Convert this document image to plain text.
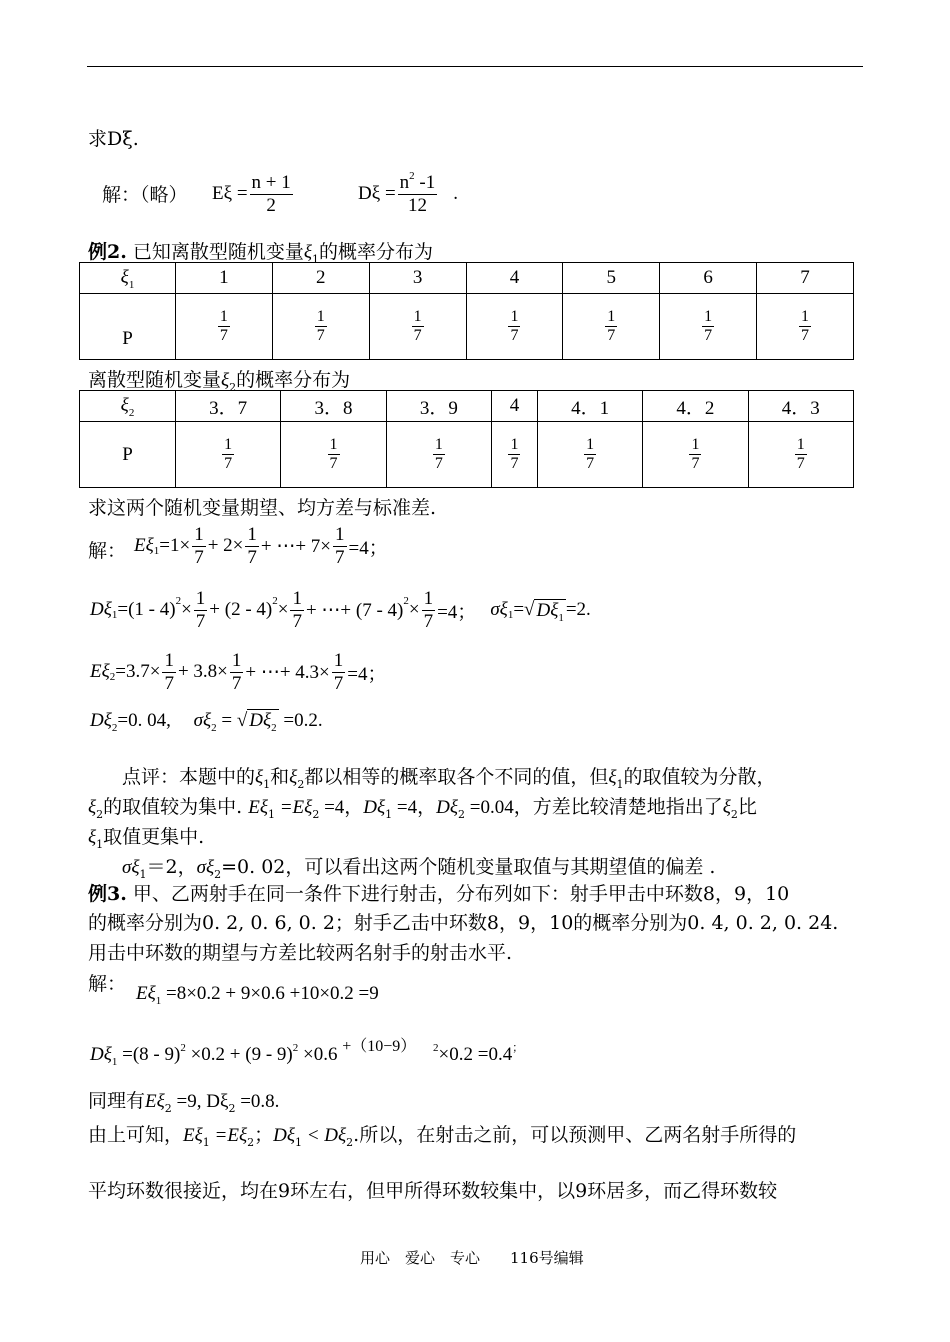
求Dξ.
解：（略） $E\xi = \frac{n + 1}{2}$	$D\xi = \frac{n^2 -1}{12}$ .
例2. 已知离散型随机变量$\xi_1$的概率分布为
$\xi_1$	1	2	3	4	5	6	7
P	$\frac{1}{7}$	$\frac{1}{7}$	$\frac{1}{7}$	$\frac{1}{7}$	$\frac{1}{7}$	$\frac{1}{7}$	$\frac{1}{7}$
离散型随机变量$\xi_2$的概率分布为
$\xi_2$	3．7	3．8	3．9	4	4．1	4．2	4．3
P	$\frac{1}{7}$	$\frac{1}{7}$	$\frac{1}{7}$	$\frac{1}{7}$	$\frac{1}{7}$	$\frac{1}{7}$	$\frac{1}{7}$
求这两个随机变量期望、均方差与标准差.
解： Eξ $1 =1\times \frac{1}{7} + 2\times \frac{1}{7}$ + ⋯+ $7\times \frac{1}{7} =4$；
Dξ 1 =(1 - 4) $2 \times \frac{1}{7} + (2 - 4) 2 \times \frac{1}{7}$ + ⋯+ (7 - 4) $2 \times \frac{1}{7} =4$； σξ 1 = √ $D\xi_1 =2$.
Eξ $2 =3.7\times \frac{1}{7} + 3.8\times \frac{1}{7}$ + ⋯+ $4.3\times \frac{1}{7} =4$；
$D\xi_2=0$. 04, $\sigma\xi_2$ = √ $D\xi_2 =0.2$.
点评：本题中的$\xi_1$和$\xi_2$都以相等的概率取各个不同的值，但$\xi_1$的取值较为分散，
$\xi_2$的取值较为集中. $E\xi_1 =E\xi_2 =4$，$D\xi_1 =4$，$D\xi_2 =0.04$，方差比较清楚地指出了$\xi_2$比
$\xi_1$取值更集中.
$\sigma\xi_1=2$，$\sigma\xi_2=0$. 02，可以看出这两个随机变量取值与其期望值的偏差 .
例3. 甲、乙两射手在同一条件下进行射击，分布列如下：射手甲击中环数8，9，10
的概率分别为0. 2, 0. 6, 0. 2；射手乙击中环数8，9，10的概率分别为0. 4, 0. 2, 0. 24.
用击中环数的期望与方差比较两名射手的射击水平.
解： $E\xi_1 =8\times 0.2 + 9\times 0.6 +10\times 0.2 =9$
$D\xi_1 =(8 - 9)^2 \times 0.2 + (9 - 9)^2 \times 0.6$ $^{+(10-9)}$ $^2$×0.2 =0.4；
同理有$E\xi_2 =9$, $D\xi_2 =0.8$.
由上可知，$E\xi_1 =E\xi_2$；$D\xi_1 < D\xi_2$.所以，在射击之前，可以预测甲、乙两名射手所得的
平均环数很接近，均在9环左右，但甲所得环数较集中，以9环居多，而乙得环数较
用心　爱心　专心　　116号编辑
